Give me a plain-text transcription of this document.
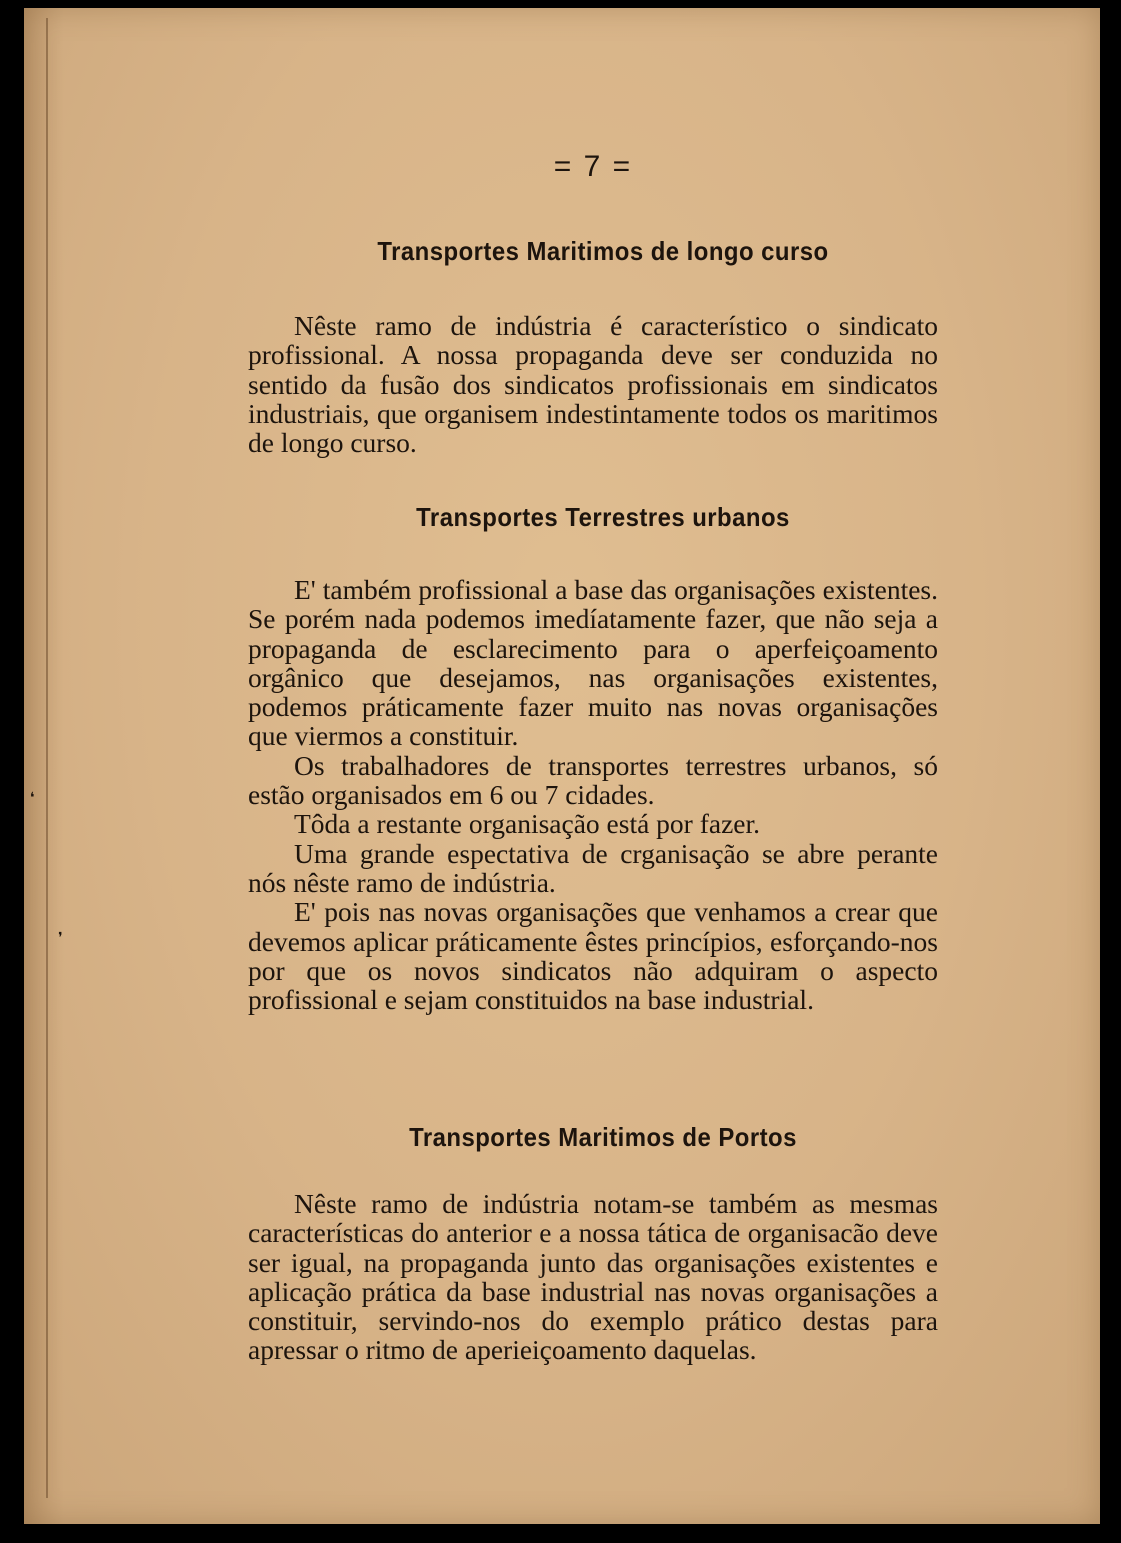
= 7 =
Transportes Maritimos de longo curso

Nêste ramo de indústria é característico o sindicato profissional. A nossa propaganda deve ser conduzida no sentido da fusão dos sindicatos profissionais em sindicatos industriais, que organisem indestintamente todos os maritimos de longo curso.

Transportes Terrestres urbanos

E' também profissional a base das organisações existentes. Se porém nada podemos imedíatamente fazer, que não seja a propaganda de esclarecimento para o aperfeiçoamento orgânico que desejamos, nas organisações existentes, podemos práticamente fazer muito nas novas organisações que viermos a constituir.

Os trabalhadores de transportes terrestres urbanos, só estão organisados em 6 ou 7 cidades.

Tôda a restante organisação está por fazer.

Uma grande espectativa de crganisação se abre perante nós nêste ramo de indústria.

E' pois nas novas organisações que venhamos a crear que devemos aplicar práticamente êstes princípios, esforçando-nos por que os novos sindicatos não adquiram o aspecto profissional e sejam constituidos na base industrial.

Transportes Maritimos de Portos

Nêste ramo de indústria notam-se também as mesmas características do anterior e a nossa tática de organisacão deve ser igual, na propaganda junto das organisações existentes e aplicação prática da base industrial nas novas organisações a constituir, servindo-nos do exemplo prático destas para apressar o ritmo de aperieiçoamento daquelas.

❛
❜
